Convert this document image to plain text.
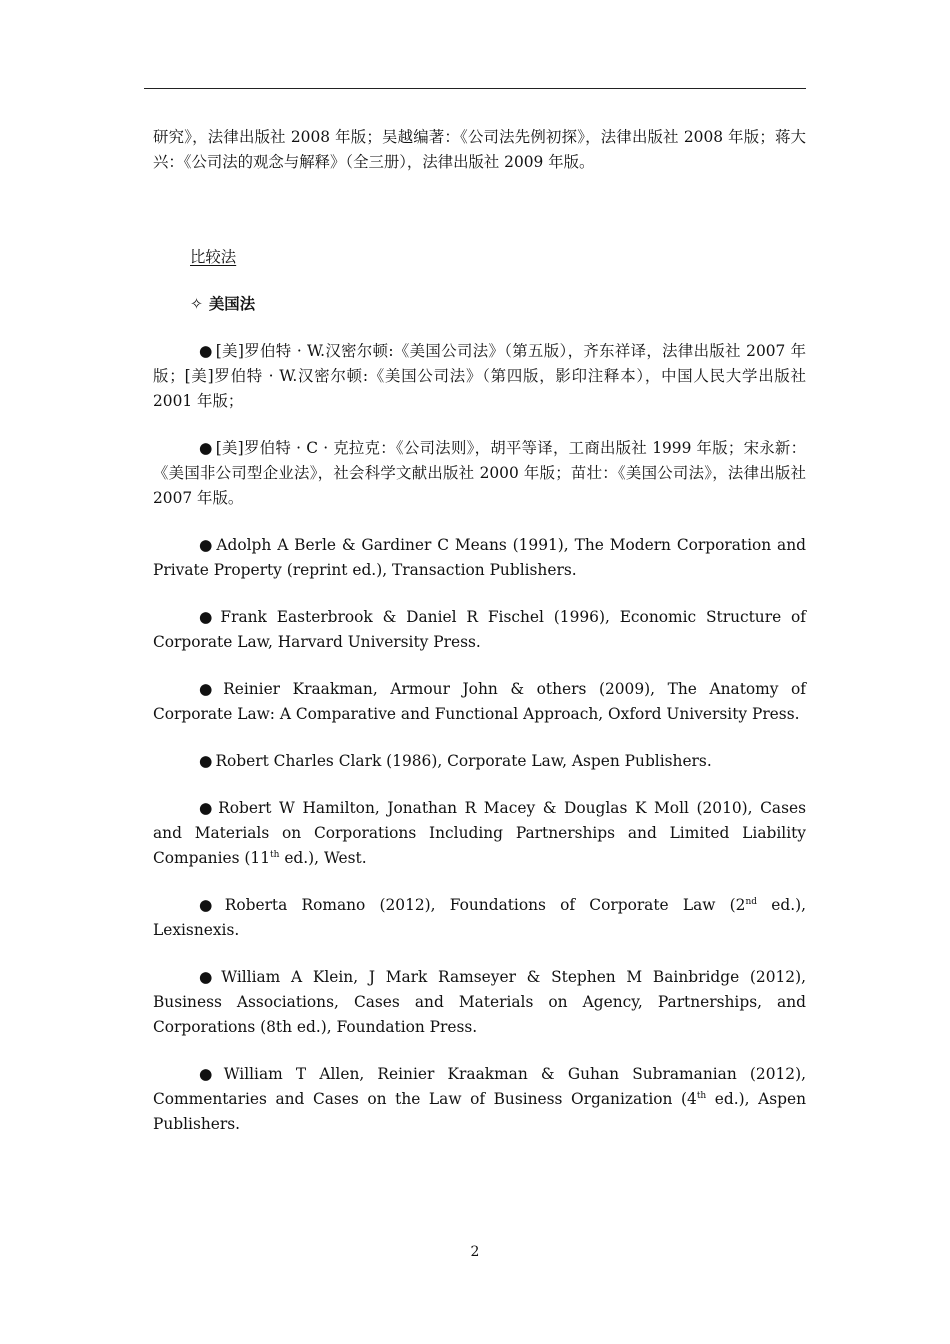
研究》，法律出版社 2008 年版；吴越编著：《公司法先例初探》，法律出版社 2008 年版；蒋大兴：《公司法的观念与解释》（全三册），法律出版社 2009 年版。

比较法

✧ 美国法

● [美]罗伯特 · W.汉密尔顿:《美国公司法》（第五版），齐东祥译，法律出版社 2007 年版；[美]罗伯特 · W.汉密尔顿:《美国公司法》（第四版，影印注释本），中国人民大学出版社 2001 年版；

● [美]罗伯特 · C · 克拉克：《公司法则》，胡平等译，工商出版社 1999 年版；宋永新：《美国非公司型企业法》，社会科学文献出版社 2000 年版；苗壮：《美国公司法》，法律出版社 2007 年版。

● Adolph A Berle & Gardiner C Means (1991), The Modern Corporation and Private Property (reprint ed.), Transaction Publishers.

● Frank Easterbrook & Daniel R Fischel (1996), Economic Structure of Corporate Law, Harvard University Press.

● Reinier Kraakman, Armour John & others (2009), The Anatomy of Corporate Law: A Comparative and Functional Approach, Oxford University Press.

● Robert Charles Clark (1986), Corporate Law, Aspen Publishers.

● Robert W Hamilton, Jonathan R Macey & Douglas K Moll (2010), Cases and Materials on Corporations Including Partnerships and Limited Liability Companies (11th ed.), West.

● Roberta Romano (2012), Foundations of Corporate Law (2nd ed.), Lexisnexis.

● William A Klein, J Mark Ramseyer & Stephen M Bainbridge (2012), Business Associations, Cases and Materials on Agency, Partnerships, and Corporations (8th ed.), Foundation Press.

● William T Allen, Reinier Kraakman & Guhan Subramanian (2012), Commentaries and Cases on the Law of Business Organization (4th ed.), Aspen Publishers.

2
